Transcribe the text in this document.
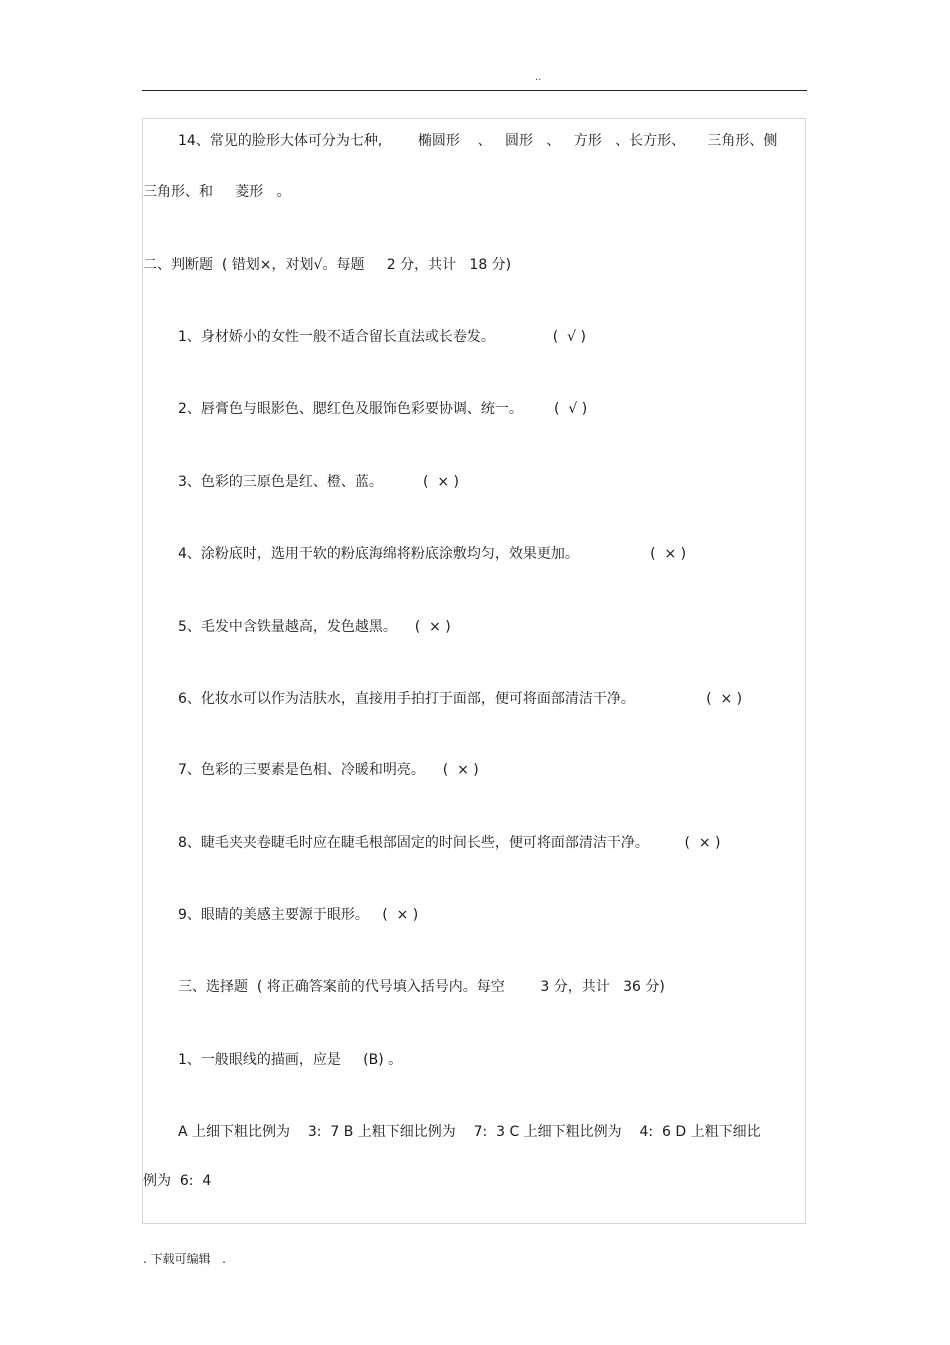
..
14、常见的脸形大体可分为七种,        椭圆形    、   圆形   、   方形   、长方形、     三角形、侧
三角形、和     菱形   。
二、判断题  ( 错划×，对划√。每题     2 分，共计   18 分)
1、身材娇小的女性一般不适合留长直法或长卷发。             (  √ )
2、唇膏色与眼影色、腮红色及服饰色彩要协调、统一。       (  √ )
3、色彩的三原色是红、橙、蓝。         (  × )
4、涂粉底时，选用干软的粉底海绵将粉底涂敷均匀，效果更加。                (  × )
5、毛发中含铁量越高，发色越黑。    (  × )
6、化妆水可以作为洁肤水，直接用手拍打于面部，便可将面部清洁干净。                (  × )
7、色彩的三要素是色相、冷暖和明亮。    (  × )
8、睫毛夹夹卷睫毛时应在睫毛根部固定的时间长些，便可将面部清洁干净。        (  × )
9、眼睛的美感主要源于眼形。   (  × )
三、选择题  ( 将正确答案前的代号填入括号内。每空        3 分，共计   36 分)
1、一般眼线的描画，应是     (B) 。
A 上细下粗比例为    3:  7 B 上粗下细比例为    7:  3 C 上细下粗比例为    4:  6 D 上粗下细比
例为  6:  4
. 下载可编辑   .
